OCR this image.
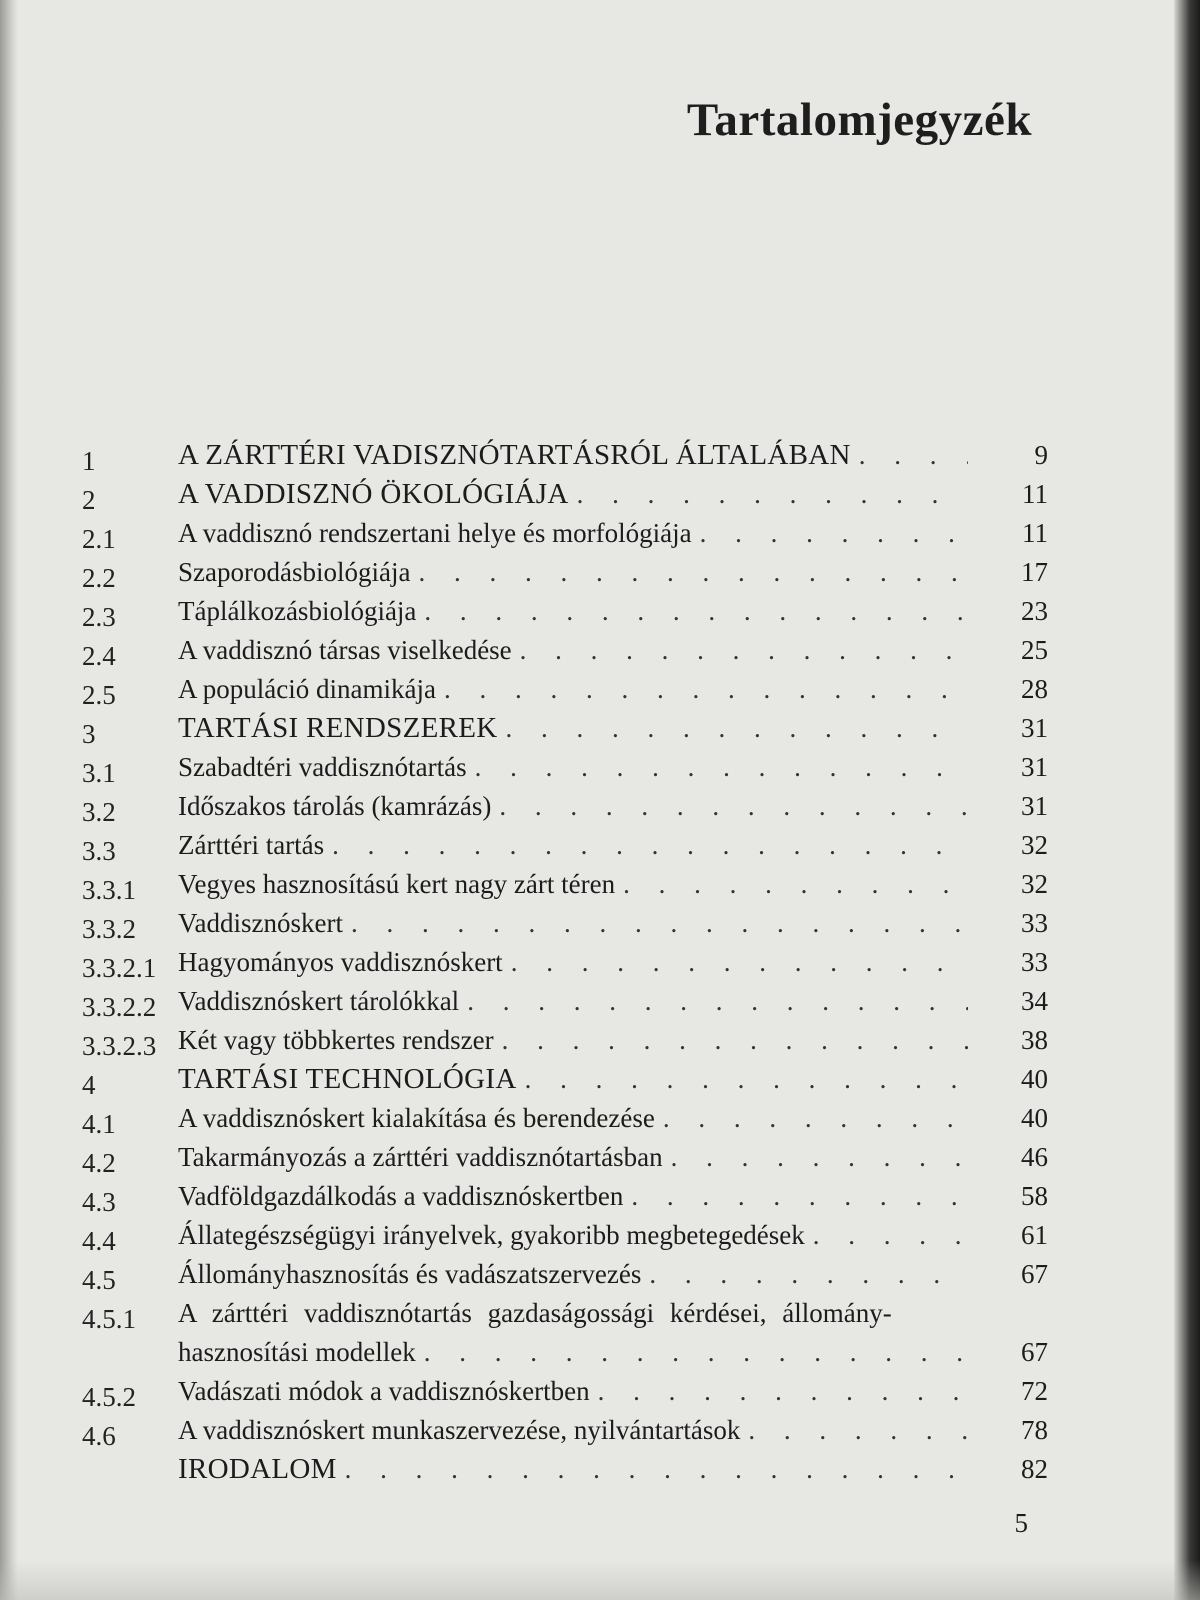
Tartalomjegyzék
1	A ZÁRTTÉRI VADISZNÓTARTÁSRÓL ÁLTALÁBAN . . .	9
2	A VADDISZNÓ ÖKOLÓGIÁJA . . .	11
2.1	A vaddisznó rendszertani helye és morfológiája . . .	11
2.2	Szaporodásbiológiája . . .	17
2.3	Táplálkozásbiológiája . . .	23
2.4	A vaddisznó társas viselkedése . . .	25
2.5	A populáció dinamikája . . .	28
3	TARTÁSI RENDSZEREK . . .	31
3.1	Szabadtéri vaddisznótartás . . .	31
3.2	Időszakos tárolás (kamrázás) . . .	31
3.3	Zárttéri tartás . . .	32
3.3.1	Vegyes hasznosítású kert nagy zárt téren . . .	32
3.3.2	Vaddisznóskert . . .	33
3.3.2.1 Hagyományos vaddisznóskert . . .	33
3.3.2.2 Vaddisznóskert tárolókkal . . .	34
3.3.2.3 Két vagy többkertes rendszer . . .	38
4	TARTÁSI TECHNOLÓGIA . . .	40
4.1	A vaddisznóskert kialakítása és berendezése . . .	40
4.2	Takarmányozás a zárttéri vaddisznótartásban . . .	46
4.3	Vadföldgazdálkodás a vaddisznóskertben . . .	58
4.4	Állategészségügyi irányelvek, gyakoribb megbetegedések . . .	61
4.5	Állományhasznosítás és vadászatszervezés . . .	67
4.5.1	A zárttéri vaddisznótartás gazdaságossági kérdései, állomány-
hasznosítási modellek . . .	67
4.5.2	Vadászati módok a vaddisznóskertben . . .	72
4.6	A vaddisznóskert munkaszervezése, nyilvántartások . . .	78
IRODALOM . . .	82
5
